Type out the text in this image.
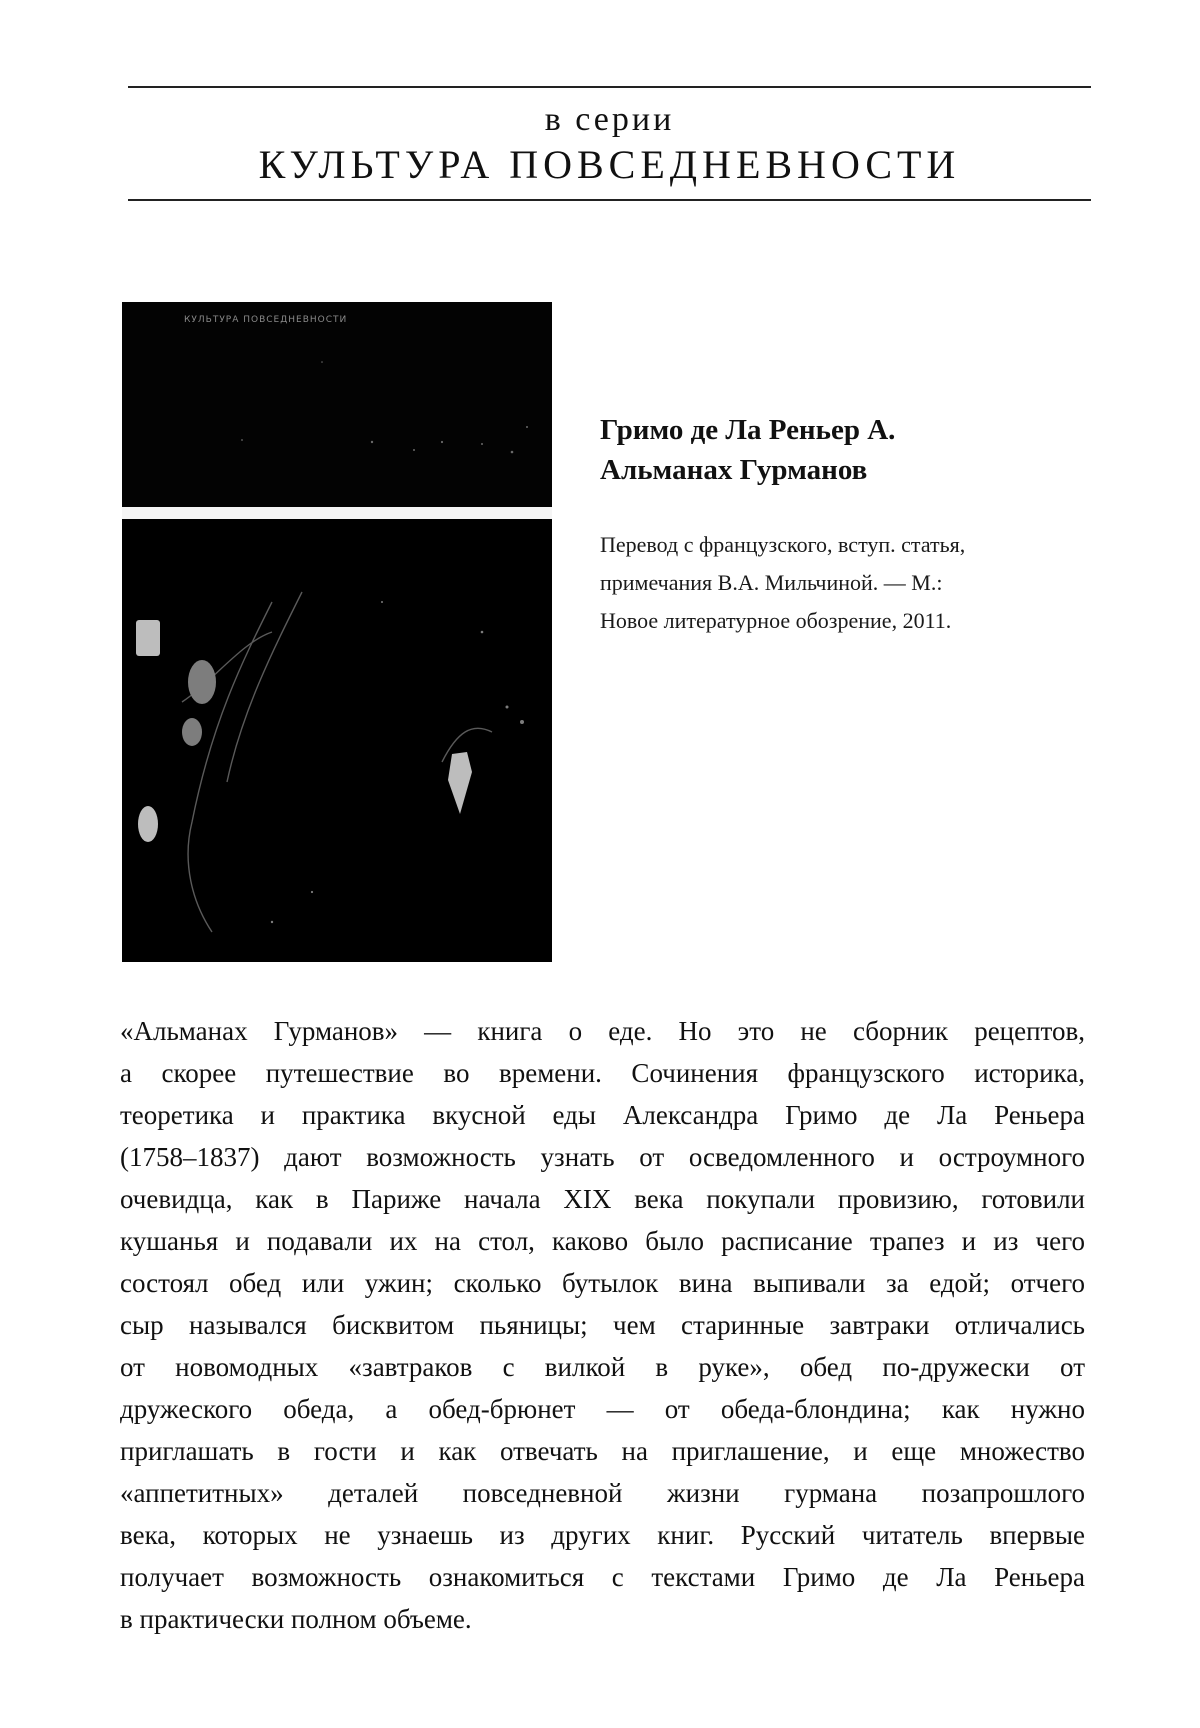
в серии
КУЛЬТУРА ПОВСЕДНЕВНОСТИ
КУЛЬТУРА ПОВСЕДНЕВНОСТИ
Гримо де Ла Реньер А.
Альманах Гурманов
Перевод с французского, вступ. статья,
примечания В.А. Мильчиной. — М.:
Новое литературное обозрение, 2011.
«Альманах Гурманов» — книга о еде. Но это не сборник рецептов,
а скорее путешествие во времени. Сочинения французского историка,
теоретика и практика вкусной еды Александра Гримо де Ла Реньера
(1758–1837) дают возможность узнать от осведомленного и остроумного
очевидца, как в Париже начала XIX века покупали провизию, готовили
кушанья и подавали их на стол, каково было расписание трапез и из чего
состоял обед или ужин; сколько бутылок вина выпивали за едой; отчего
сыр назывался бисквитом пьяницы; чем старинные завтраки отличались
от новомодных «завтраков с вилкой в руке», обед по-дружески от
дружеского обеда, а обед-брюнет — от обеда-блондина; как нужно
приглашать в гости и как отвечать на приглашение, и еще множество
«аппетитных» деталей повседневной жизни гурмана позапрошлого
века, которых не узнаешь из других книг. Русский читатель впервые
получает возможность ознакомиться с текстами Гримо де Ла Реньера
в практически полном объеме.
